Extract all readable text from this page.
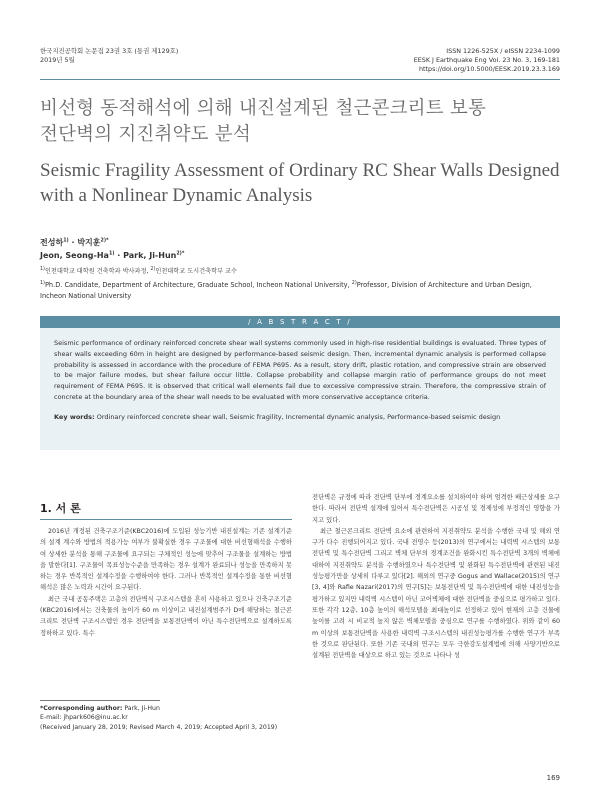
한국지진공학회 논문집 23권 3호 (통권 제129호)
2019년 5월
ISSN 1226-525X / eISSN 2234-1099
EESK J Earthquake Eng Vol. 23 No. 3, 169-181
https://doi.org/10.5000/EESK.2019.23.3.169
비선형 동적해석에 의해 내진설계된 철근콘크리트 보통
전단벽의 지진취약도 분석
Seismic Fragility Assessment of Ordinary RC Shear Walls Designed
with a Nonlinear Dynamic Analysis
전성하$^{1)}$ · 박지훈$^{2)*}$
Jeon, Seong-$Ha^{1)}$ · Park, Ji-Hun$^{2)*}$
$^{1)}$인천대학교 대학원 건축학과 박사과정, $^{2)}$인천대학교 도시건축학부 교수
$^{1)}$Ph.D. Candidate, Department of Architecture, Graduate School, Incheon National University, $^{2)}$Professor, Division of Architecture and Urban Design, Incheon National University
/ A B S T R A C T /
Seismic performance of ordinary reinforced concrete shear wall systems commonly used in high-rise residential buildings is evaluated. Three types of shear walls exceeding 60m in height are designed by performance-based seismic design. Then, incremental dynamic analysis is performed collapse probability is assessed in accordance with the procedure of FEMA P695. As a result, story drift, plastic rotation, and compressive strain are observed to be major failure modes, but shear failure occur little. Collapse probability and collapse margin ratio of performance groups do not meet requirement of FEMA P695. It is observed that critical wall elements fail due to excessive compressive strain. Therefore, the compressive strain of concrete at the boundary area of the shear wall needs to be evaluated with more conservative acceptance criteria.
Key words: Ordinary reinforced concrete shear wall, Seismic fragility, Incremental dynamic analysis, Performance-based seismic design
1. 서 론

2016년 개정된 건축구조기준(KBC2016)에 도입된 성능기반 내진설계는 기존 설계기준의 설계 계수와 방법의 적용가능 여부가 불확실한 경우 구조물에 대한 비선형해석을 수행하여 상세한 분석을 통해 구조물에 요구되는 구체적인 성능에 맞추어 구조물을 설계하는 방법을 말한다[1]. 구조물이 목표성능수준을 만족하는 경우 설계가 완료되나 성능을 만족하지 못하는 경우 반복적인 설계수정을 수행하여야 한다. 그러나 반복적인 설계수정을 통한 비선형 해석은 많은 노력과 시간이 요구된다.

최근 국내 공동주택은 고층의 전단벽식 구조시스템을 흔히 사용하고 있으나 건축구조기준(KBC2016)에서는 건축물의 높이가 60 m 이상이고 내진설계범주가 D에 해당하는 철근콘크리트 전단벽 구조시스템인 경우 전단벽을 보통전단벽이 아닌 특수전단벽으로 설계하도록 정하하고 있다. 특수

*Corresponding author: Park, Ji-Hun
E-mail: jhpark606@inu.ac.kr
(Received January 28, 2019; Revised March 4, 2019; Accepted April 3, 2019)

전단벽은 규정에 따라 전단벽 단부에 경계요소를 설치하여야 하며 엄격한 배근상세를 요구한다. 따라서 전단벽 설계에 있어서 특수전단벽은 시공성 및 경제성에 부정적인 영향을 가지고 있다.

최근 철근콘크리트 전단벽 요소에 관련하여 지진취약도 분석을 수행한 국내 및 해외 연구가 다수 진행되어지고 있다. 국내 전영수 등(2013)의 연구에서는 내력벽 시스템의 보통전단벽 및 특수전단벽 그리고 벽체 단부의 경계조건을 완화시킨 특수전단벽 3개의 벽체에 대하여 지진취약도 분석을 수행하였으나 특수전단벽 및 완화된 특수전단벽에 관련된 내진성능평가만을 상세히 다루고 있다[2]. 해외의 연구중 Gogus and Wallace(2015)의 연구[3, 4]와 Rafie Nazari(2017)의 연구[5]는 보통전단벽 및 특수전단벽에 대한 내진성능을 평가하고 있지만 내력벽 시스템이 아닌 코어벽체에 대한 전단벽을 중심으로 평가하고 있다. 또한 각각 12층, 10층 높이의 해석모델을 최대높이로 선정하고 있어 현재의 고층 건물에 높이를 고려 시 비교적 높지 않은 벽체모델을 중심으로 연구를 수행하였다. 위와 같이 60 m 이상의 보통전단벽을 사용한 내력벽 구조시스템의 내진성능평가를 수행한 연구가 부족한 것으로 판단된다. 또한 기존 국내외 연구는 모두 극한강도설계법에 의해 사양기반으로 설계된 전단벽을 대상으로 하고 있는 것으로 나타나 성

169
